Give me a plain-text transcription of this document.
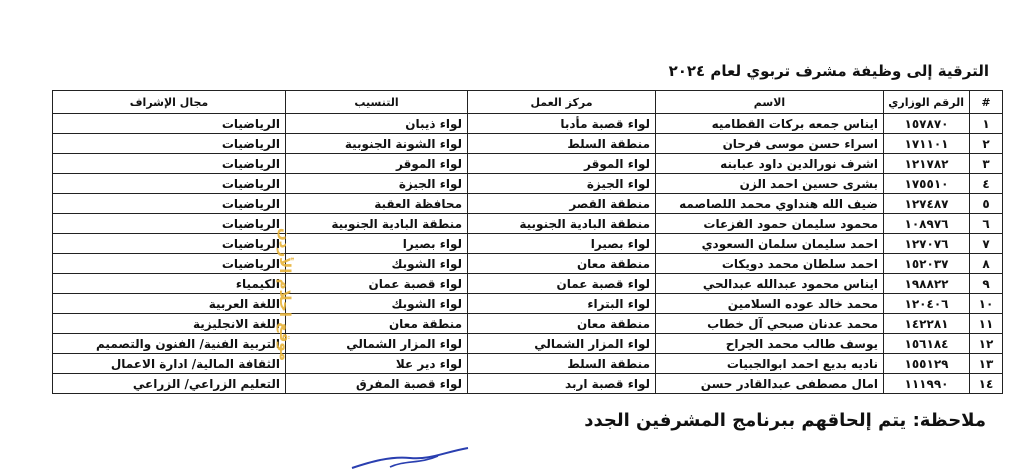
الترقية إلى وظيفة مشرف تربوي لعام ٢٠٢٤
#	الرقم الوزاري	الاسم	مركز العمل	التنسيب	مجال الإشراف
١	١٥٧٨٧٠	ايناس جمعه بركات القطاميه	لواء قصبة مأدبا	لواء ذيبان	الرياضيات
٢	١٧١١٠١	اسراء حسن موسى فرحان	منطقة السلط	لواء الشونة الجنوبية	الرياضيات
٣	١٢١٧٨٢	اشرف نورالدين داود عبابنه	لواء الموقر	لواء الموقر	الرياضيات
٤	١٧٥٥١٠	بشرى حسين احمد الزن	لواء الجيزة	لواء الجيزة	الرياضيات
٥	١٢٧٤٨٧	ضيف الله هنداوي محمد اللصاصمه	منطقة القصر	محافظة العقبة	الرياضيات
٦	١٠٨٩٧٦	محمود سليمان حمود الفزعات	منطقة البادية الجنوبية	منطقة البادية الجنوبية	الرياضيات
٧	١٢٧٠٧٦	احمد سليمان سلمان السعودي	لواء بصيرا	لواء بصيرا	الرياضيات
٨	١٥٢٠٣٧	احمد سلطان محمد دويكات	منطقة معان	لواء الشوبك	الرياضيات
٩	١٩٨٨٢٢	ايناس محمود عبدالله عبدالحي	لواء قصبة عمان	لواء قصبة عمان	الكيمياء
١٠	١٢٠٤٠٦	محمد خالد عوده السلامين	لواء البتراء	لواء الشوبك	اللغة العربية
١١	١٤٢٢٨١	محمد عدنان صبحي آل خطاب	منطقة معان	منطقة معان	اللغة الانجليزية
١٢	١٥٦١٨٤	يوسف طالب محمد الجراح	لواء المزار الشمالي	لواء المزار الشمالي	التربية الفنية/ الفنون والتصميم
١٣	١٥٥١٢٩	ناديه بديع احمد ابوالجبيات	منطقة السلط	لواء دير علا	الثقافة المالية/ ادارة الاعمال
١٤	١١١٩٩٠	امال مصطفى عبدالقادر حسن	لواء قصبة اربد	لواء قصبة المفرق	التعليم الزراعي/ الزراعي
موقع احلام الأردن
ملاحظة: يتم إلحاقهم ببرنامج المشرفين الجدد
